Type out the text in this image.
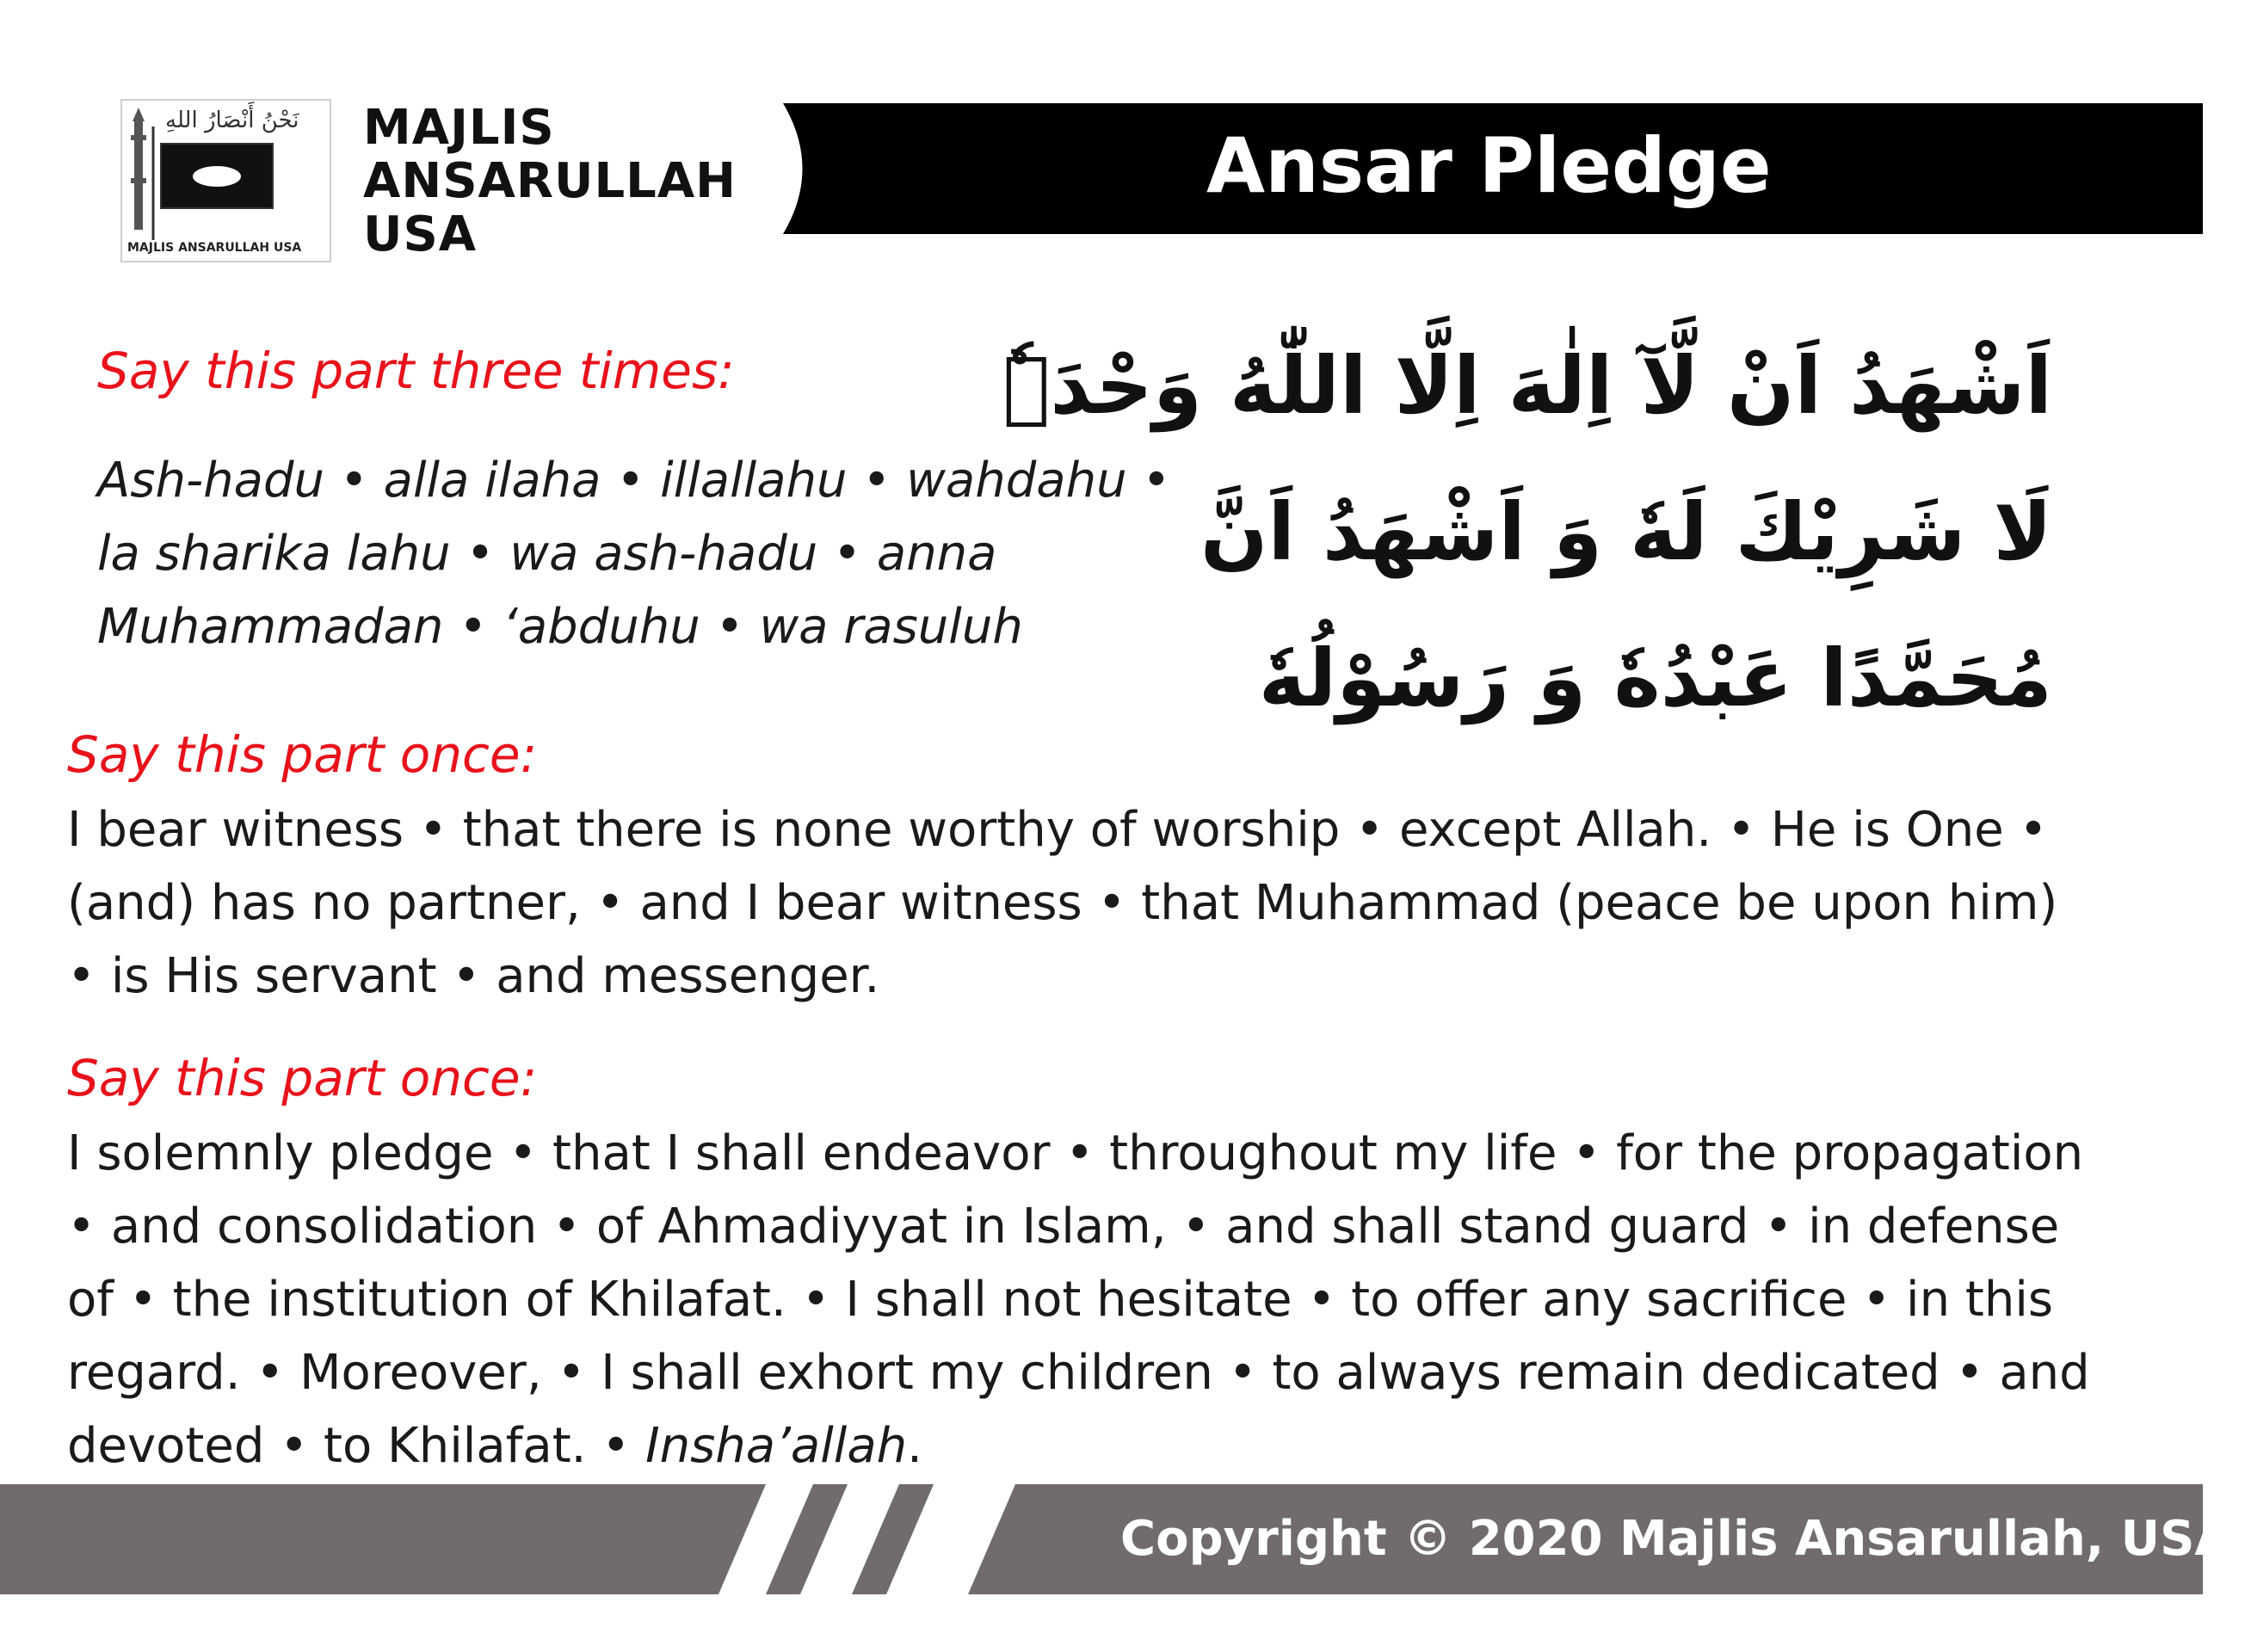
نَحْنُ أَنْصَارُ اللهِ
MAJLIS ANSARULLAH USA
MAJLIS
ANSARULLAH
USA
Ansar Pledge
Say this part three times:
Ash-hadu • alla ilaha • illallahu • wahdahu •
la sharika lahu • wa ash-hadu • anna
Muhammadan • ‘abduhu • wa rasuluh
اَشْهَدُ اَنْ لَّآ اِلٰهَ اِلَّا اللّٰهُ وَحْدَہٗ
لَا شَرِيْكَ لَهٗ وَ اَشْهَدُ اَنَّ
مُحَمَّدًا عَبْدُهٗ وَ رَسُوْلُهٗ
Say this part once:
I bear witness • that there is none worthy of worship • except Allah. • He is One •
(and) has no partner, • and I bear witness • that Muhammad (peace be upon him)
• is His servant • and messenger.
Say this part once:
I solemnly pledge • that I shall endeavor • throughout my life • for the propagation
• and consolidation • of Ahmadiyyat in Islam, • and shall stand guard • in defense
of • the institution of Khilafat. • I shall not hesitate • to offer any sacrifice • in this
regard. • Moreover, • I shall exhort my children • to always remain dedicated • and
devoted • to Khilafat. • Insha’allah.
Copyright © 2020 Majlis Ansarullah, USA.
